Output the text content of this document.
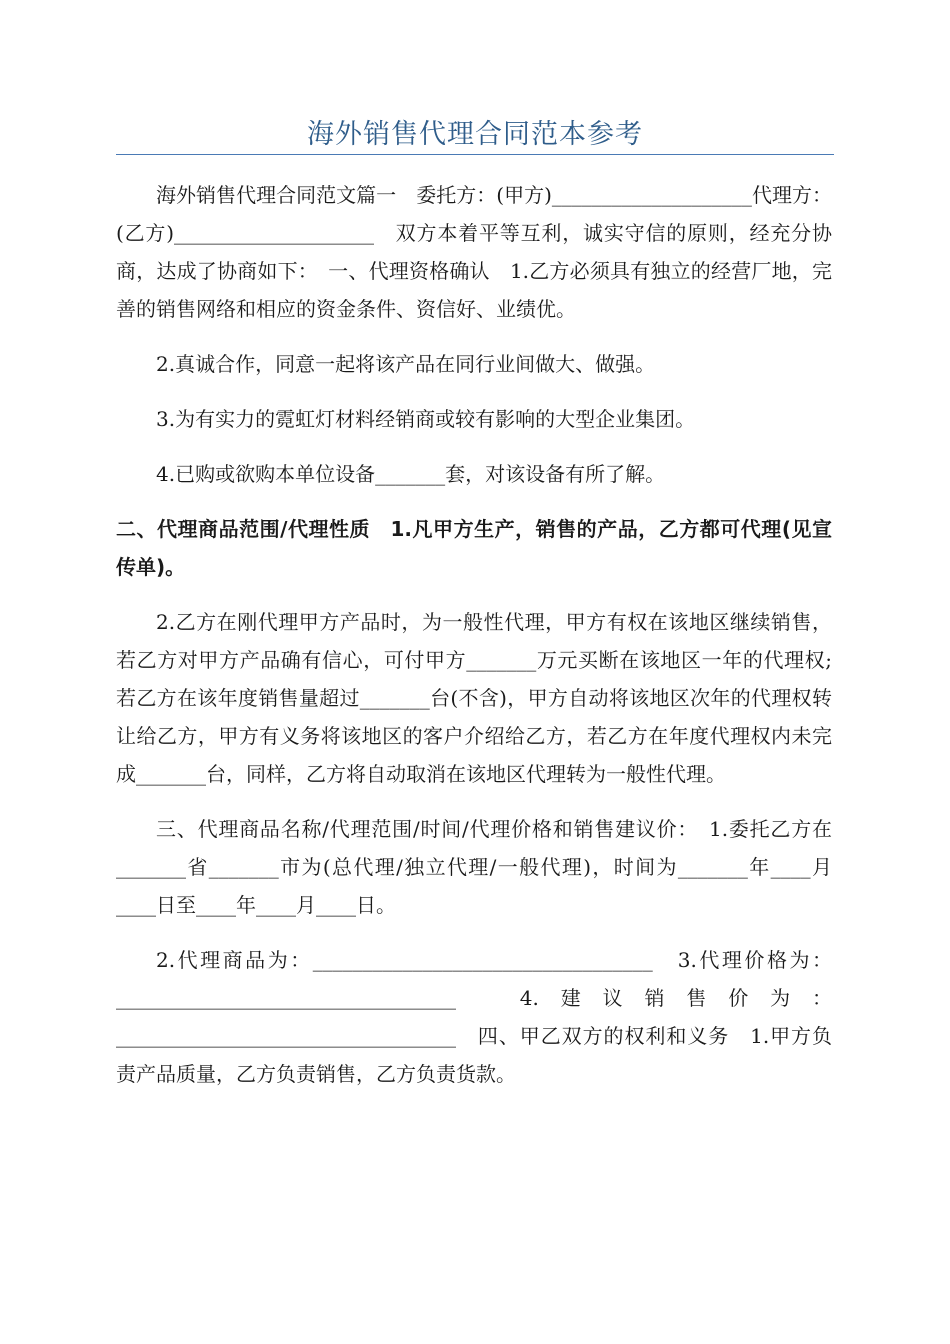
海外销售代理合同范本参考

海外销售代理合同范文篇一　委托方：(甲方)____________________代理方：(乙方)____________________　双方本着平等互利，诚实守信的原则，经充分协商，达成了协商如下：　一、代理资格确认　1.乙方必须具有独立的经营厂地，完善的销售网络和相应的资金条件、资信好、业绩优。

2.真诚合作，同意一起将该产品在同行业间做大、做强。

3.为有实力的霓虹灯材料经销商或较有影响的大型企业集团。

4.已购或欲购本单位设备_______套，对该设备有所了解。

二、代理商品范围/代理性质　1.凡甲方生产，销售的产品，乙方都可代理(见宣传单)。

2.乙方在刚代理甲方产品时，为一般性代理，甲方有权在该地区继续销售，若乙方对甲方产品确有信心，可付甲方_______万元买断在该地区一年的代理权;若乙方在该年度销售量超过_______台(不含)，甲方自动将该地区次年的代理权转让给乙方，甲方有义务将该地区的客户介绍给乙方，若乙方在年度代理权内未完成_______台，同样，乙方将自动取消在该地区代理转为一般性代理。

三、代理商品名称/代理范围/时间/代理价格和销售建议价：　1.委托乙方在_______省_______市为(总代理/独立代理/一般代理)，时间为_______年____月____日至____年____月____日。

2.代理商品为：__________________________________　3.代理价格为：__________________________________　4.建议销售价为：__________________________________　四、甲乙双方的权利和义务　1.甲方负责产品质量，乙方负责销售，乙方负责货款。
